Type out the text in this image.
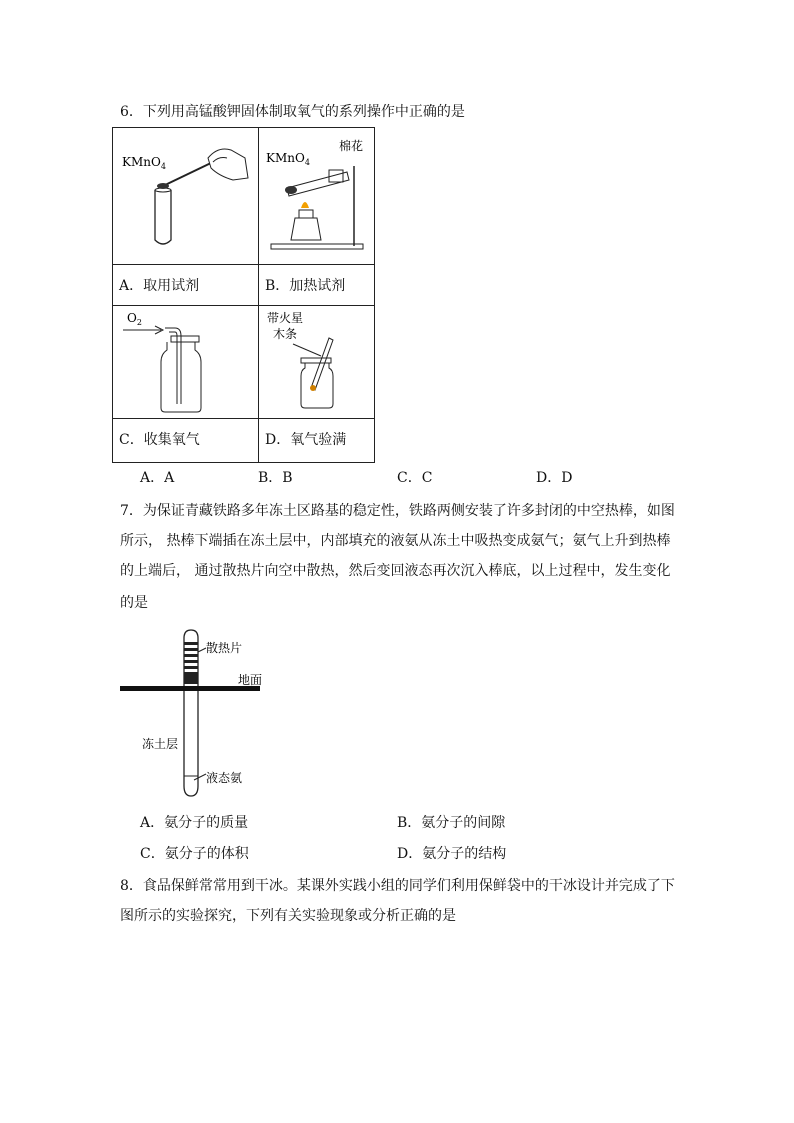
6．下列用高锰酸钾固体制取氧气的系列操作中正确的是
KMnO$_4$
KMnO$_4$
棉花
A．取用试剂	B．加热试剂
$O_2$	带火星
木条
C．收集氧气	D．氧气验满
A．A	B．B	C．C	D．D
7．为保证青藏铁路多年冻土区路基的稳定性，铁路两侧安装了许多封闭的中空热棒，如图
所示， 热棒下端插在冻土层中，内部填充的液氨从冻土中吸热变成氨气；氨气上升到热棒
的上端后， 通过散热片向空中散热，然后变回液态再次沉入棒底，以上过程中，发生变化
的是
散热片
地面
冻土层
液态氨
A．氨分子的质量	B．氨分子的间隙
C．氨分子的体积	D．氨分子的结构
8．食品保鲜常常用到干冰。某课外实践小组的同学们利用保鲜袋中的干冰设计并完成了下
图所示的实验探究，下列有关实验现象或分析正确的是
